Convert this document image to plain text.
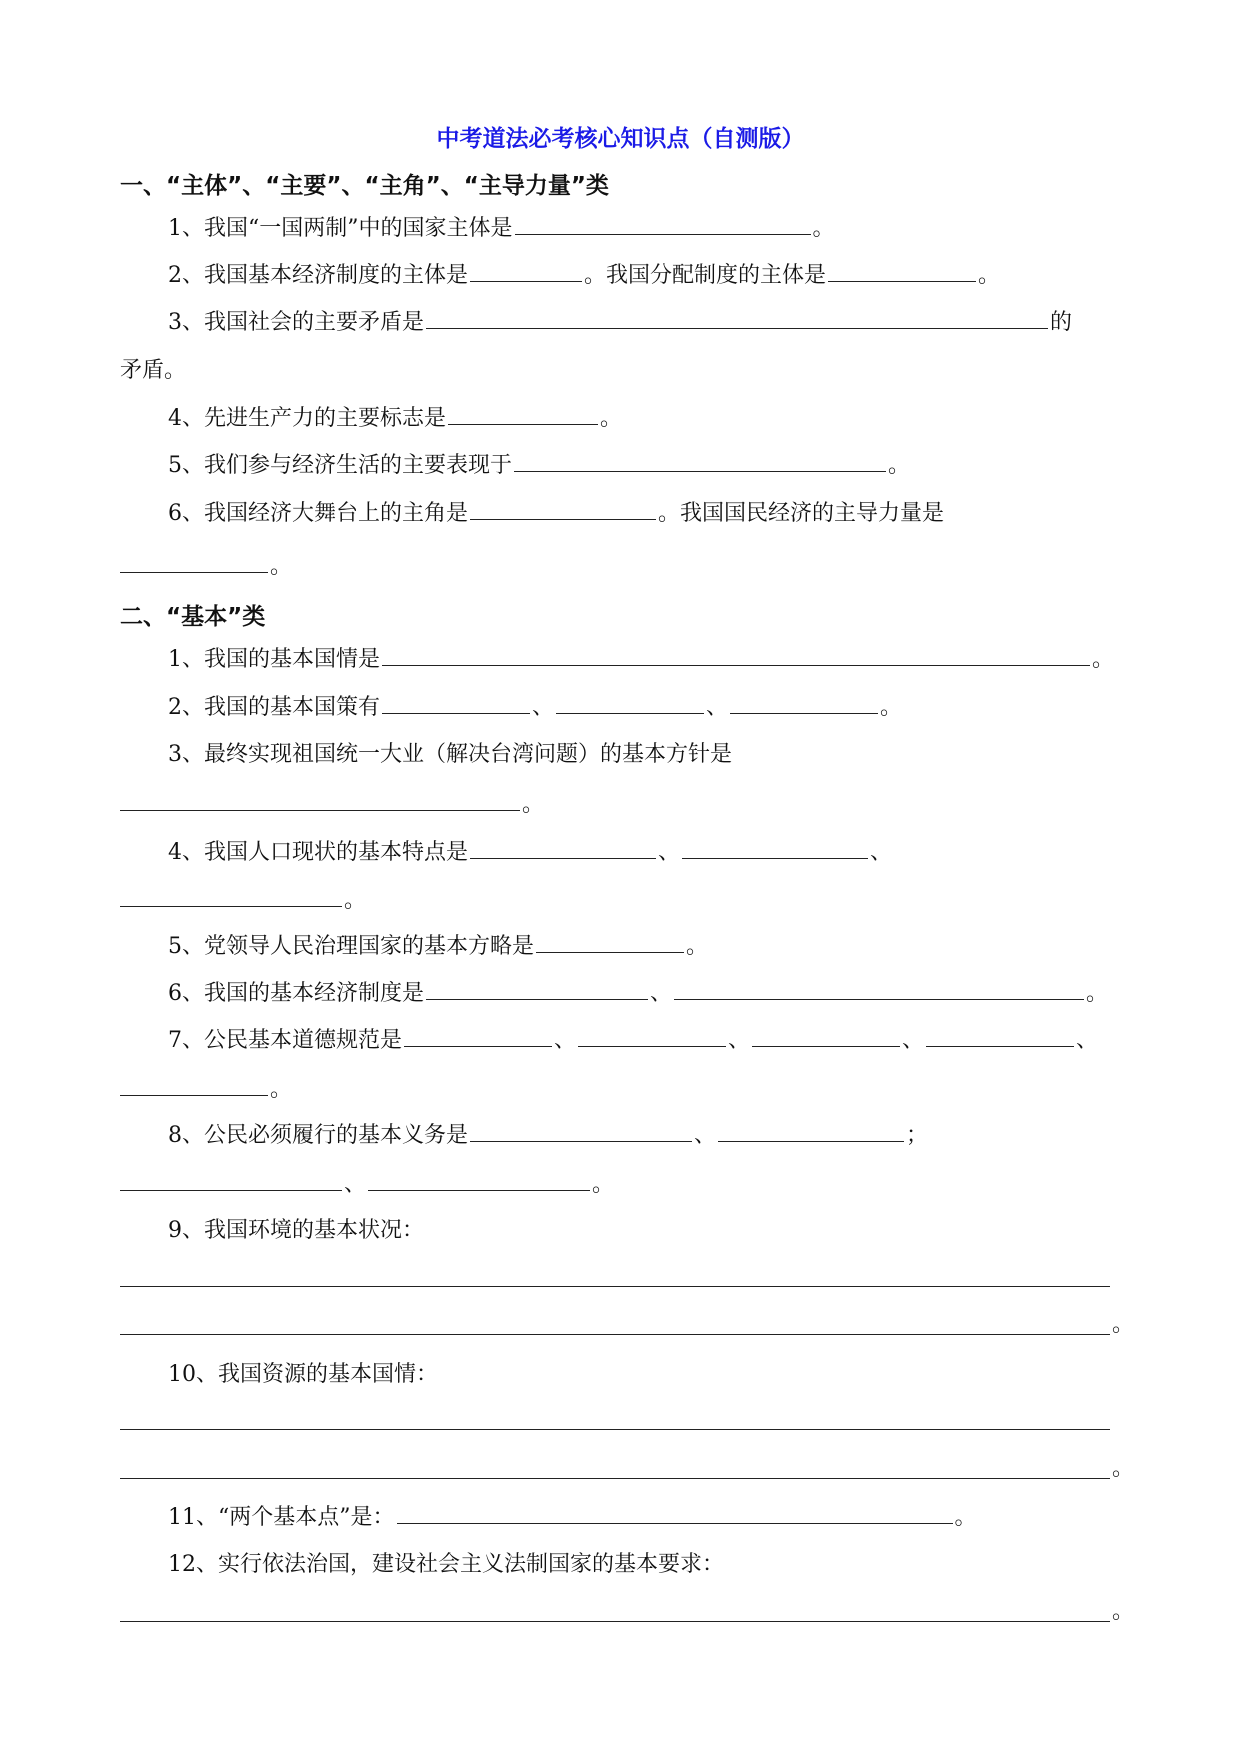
中考道法必考核心知识点（自测版）
一、“主体”、“主要”、“主角”、“主导力量”类
1、我国“一国两制”中的国家主体是	。
2、我国基本经济制度的主体是	。我国分配制度的主体是	。
3、我国社会的主要矛盾是	的
矛盾。
4、先进生产力的主要标志是	。
5、我们参与经济生活的主要表现于	。
6、我国经济大舞台上的主角是	。我国国民经济的主导力量是
。
二、“基本”类
1、我国的基本国情是	。
2、我国的基本国策有	、	、	。
3、最终实现祖国统一大业（解决台湾问题）的基本方针是
。
4、我国人口现状的基本特点是	、	、
。
5、党领导人民治理国家的基本方略是	。
6、我国的基本经济制度是	、	。
7、公民基本道德规范是	、	、	、	、
。
8、公民必须履行的基本义务是	、	；
、	。
9、我国环境的基本状况：
。
10、我国资源的基本国情：
。
11、“两个基本点”是：	。
12、实行依法治国，建设社会主义法制国家的基本要求：
。
